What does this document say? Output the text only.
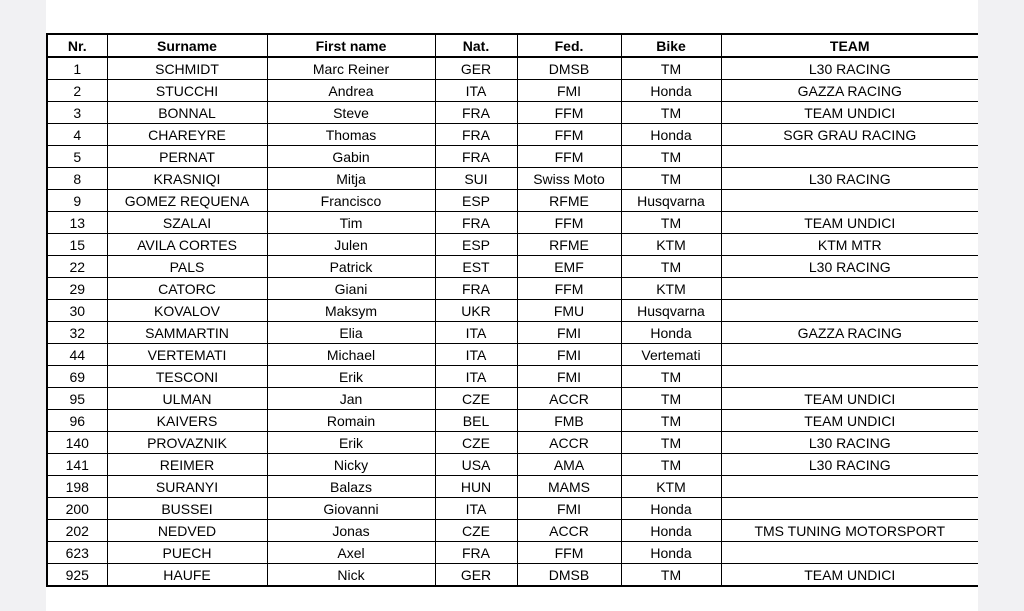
Nr.	Surname	First name	Nat.	Fed.	Bike	TEAM
1	SCHMIDT	Marc Reiner	GER	DMSB	TM	L30 RACING
2	STUCCHI	Andrea	ITA	FMI	Honda	GAZZA RACING
3	BONNAL	Steve	FRA	FFM	TM	TEAM UNDICI
4	CHAREYRE	Thomas	FRA	FFM	Honda	SGR GRAU RACING
5	PERNAT	Gabin	FRA	FFM	TM	
8	KRASNIQI	Mitja	SUI	Swiss Moto	TM	L30 RACING
9	GOMEZ REQUENA	Francisco	ESP	RFME	Husqvarna	
13	SZALAI	Tim	FRA	FFM	TM	TEAM UNDICI
15	AVILA CORTES	Julen	ESP	RFME	KTM	KTM MTR
22	PALS	Patrick	EST	EMF	TM	L30 RACING
29	CATORC	Giani	FRA	FFM	KTM	
30	KOVALOV	Maksym	UKR	FMU	Husqvarna	
32	SAMMARTIN	Elia	ITA	FMI	Honda	GAZZA RACING
44	VERTEMATI	Michael	ITA	FMI	Vertemati	
69	TESCONI	Erik	ITA	FMI	TM	
95	ULMAN	Jan	CZE	ACCR	TM	TEAM UNDICI
96	KAIVERS	Romain	BEL	FMB	TM	TEAM UNDICI
140	PROVAZNIK	Erik	CZE	ACCR	TM	L30 RACING
141	REIMER	Nicky	USA	AMA	TM	L30 RACING
198	SURANYI	Balazs	HUN	MAMS	KTM	
200	BUSSEI	Giovanni	ITA	FMI	Honda	
202	NEDVED	Jonas	CZE	ACCR	Honda	TMS TUNING MOTORSPORT
623	PUECH	Axel	FRA	FFM	Honda	
925	HAUFE	Nick	GER	DMSB	TM	TEAM UNDICI
